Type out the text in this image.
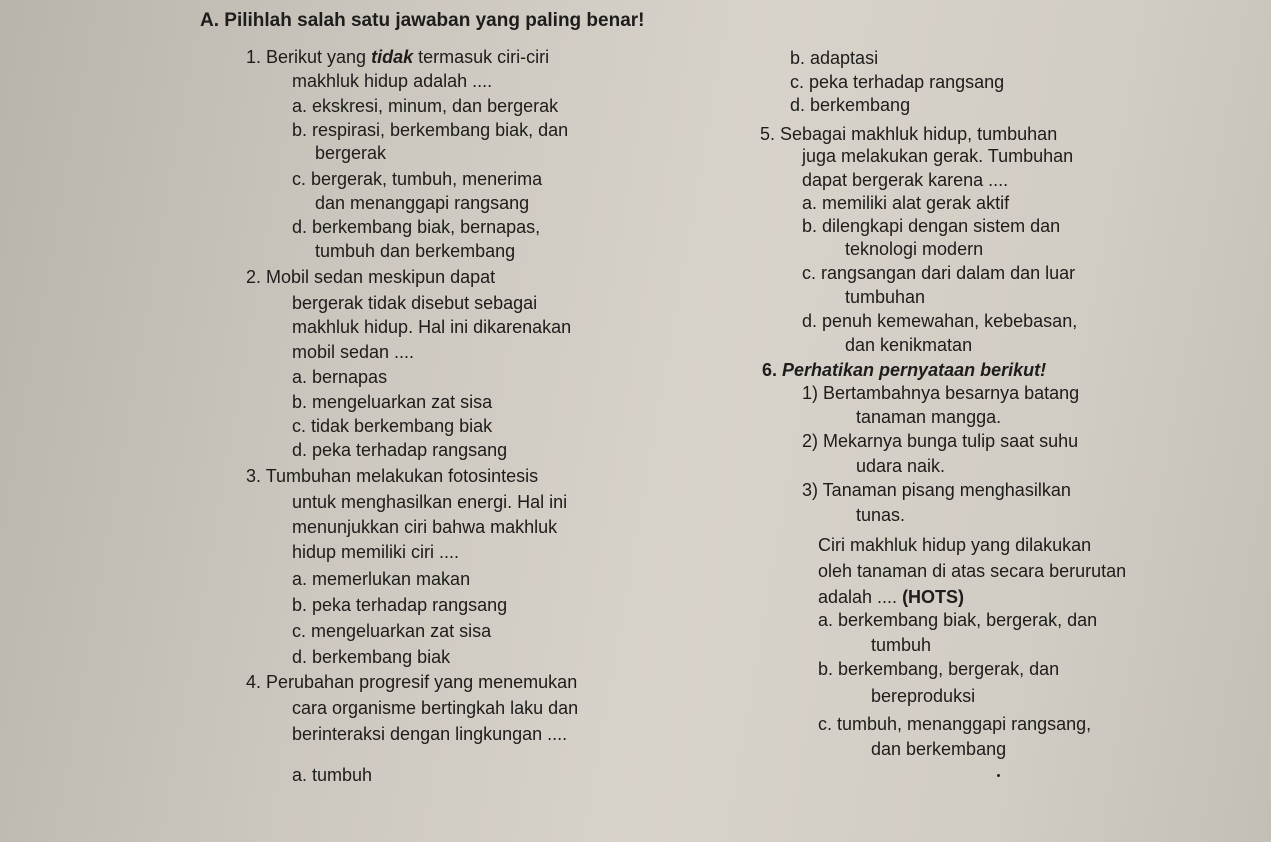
A. Pilihlah salah satu jawaban yang paling benar!
1. Berikut yang tidak termasuk ciri-ciri
makhluk hidup adalah ....
a. ekskresi, minum, dan bergerak
b. respirasi, berkembang biak, dan
bergerak
c. bergerak, tumbuh, menerima
dan menanggapi rangsang
d. berkembang biak, bernapas,
tumbuh dan berkembang
2. Mobil sedan meskipun dapat
bergerak tidak disebut sebagai
makhluk hidup. Hal ini dikarenakan
mobil sedan ....
a. bernapas
b. mengeluarkan zat sisa
c. tidak berkembang biak
d. peka terhadap rangsang
3. Tumbuhan melakukan fotosintesis
untuk menghasilkan energi. Hal ini
menunjukkan ciri bahwa makhluk
hidup memiliki ciri ....
a. memerlukan makan
b. peka terhadap rangsang
c. mengeluarkan zat sisa
d. berkembang biak
4. Perubahan progresif yang menemukan
cara organisme bertingkah laku dan
berinteraksi dengan lingkungan ....
a. tumbuh
b. adaptasi
c. peka terhadap rangsang
d. berkembang
5. Sebagai makhluk hidup, tumbuhan
juga melakukan gerak. Tumbuhan
dapat bergerak karena ....
a. memiliki alat gerak aktif
b. dilengkapi dengan sistem dan
teknologi modern
c. rangsangan dari dalam dan luar
tumbuhan
d. penuh kemewahan, kebebasan,
dan kenikmatan
6. Perhatikan pernyataan berikut!
1) Bertambahnya besarnya batang
tanaman mangga.
2) Mekarnya bunga tulip saat suhu
udara naik.
3) Tanaman pisang menghasilkan
tunas.
Ciri makhluk hidup yang dilakukan
oleh tanaman di atas secara berurutan
adalah .... (HOTS)
a. berkembang biak, bergerak, dan
tumbuh
b. berkembang, bergerak, dan
bereproduksi
c. tumbuh, menanggapi rangsang,
dan berkembang
